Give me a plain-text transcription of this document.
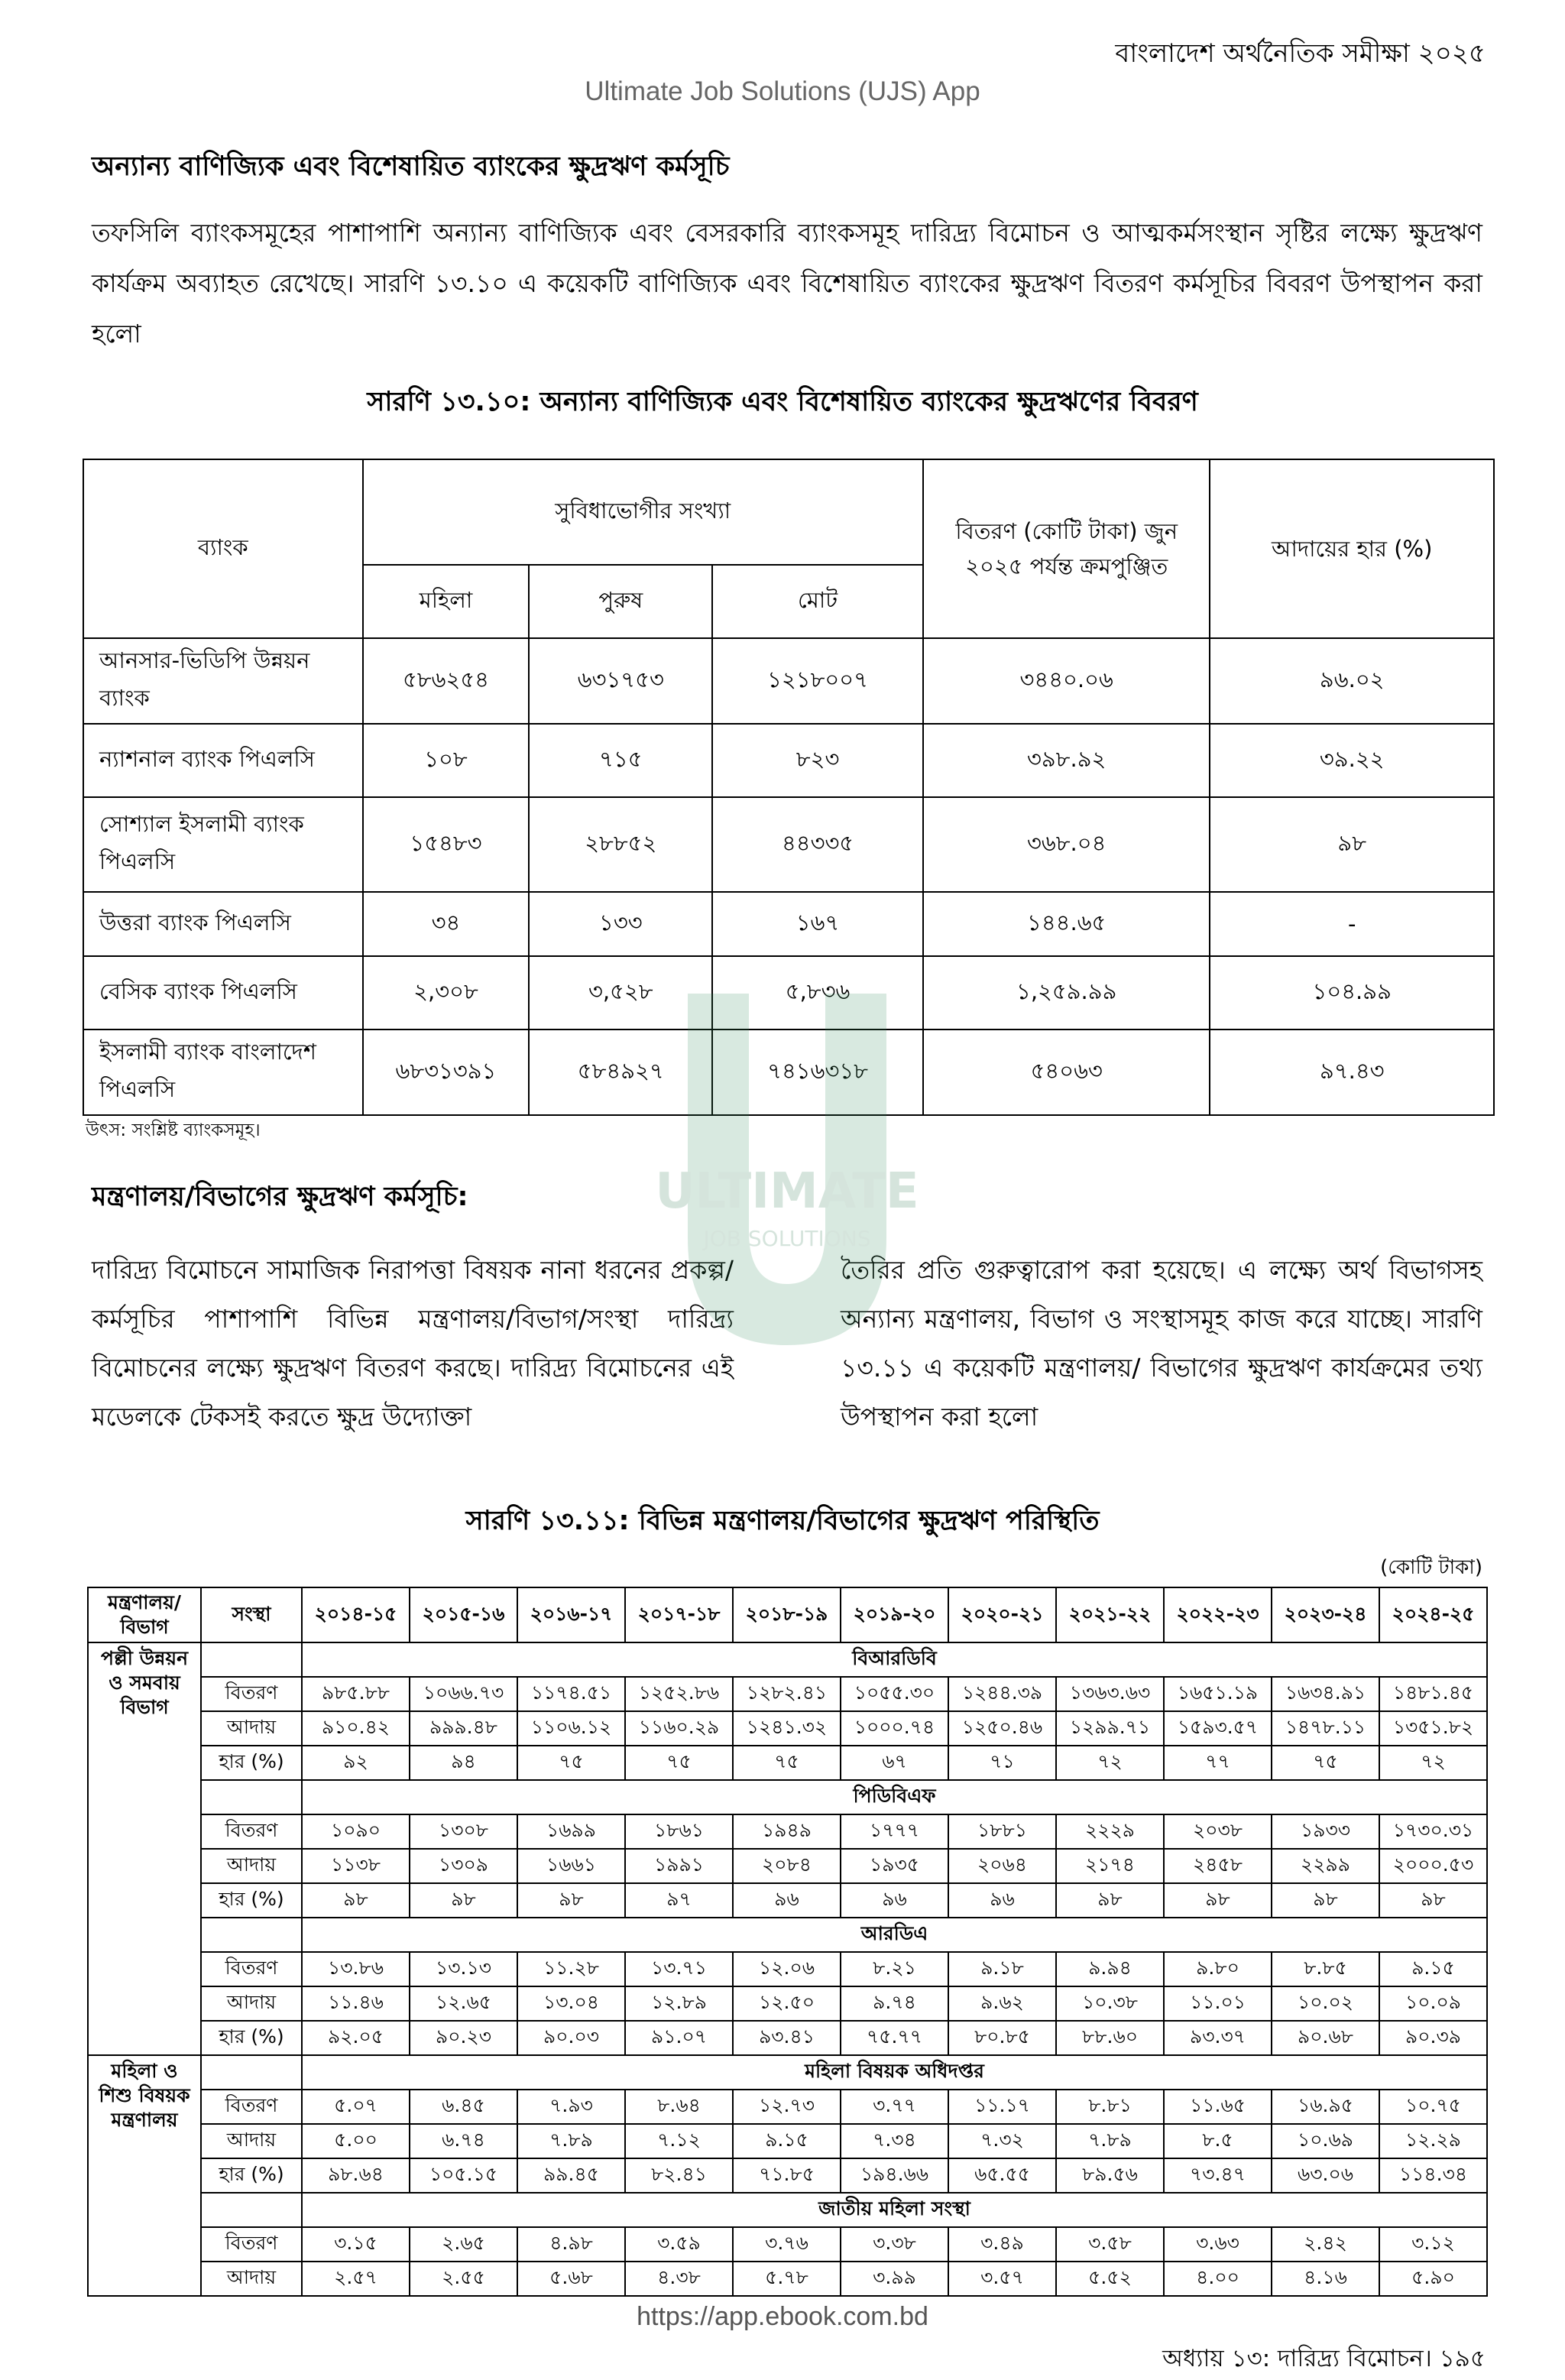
বাংলাদেশ অর্থনৈতিক সমীক্ষা ২০২৫
Ultimate Job Solutions (UJS) App
অন্যান্য বাণিজ্যিক এবং বিশেষায়িত ব্যাংকের ক্ষুদ্রঋণ কর্মসূচি
তফসিলি ব্যাংকসমূহের পাশাপাশি অন্যান্য বাণিজ্যিক এবং বেসরকারি ব্যাংকসমূহ দারিদ্র্য বিমোচন ও আত্মকর্মসংস্থান সৃষ্টির লক্ষ্যে ক্ষুদ্রঋণ কার্যক্রম অব্যাহত রেখেছে। সারণি ১৩.১০ এ কয়েকটি বাণিজ্যিক এবং বিশেষায়িত ব্যাংকের ক্ষুদ্রঋণ বিতরণ কর্মসূচির বিবরণ উপস্থাপন করা হলো
সারণি ১৩.১০: অন্যান্য বাণিজ্যিক এবং বিশেষায়িত ব্যাংকের ক্ষুদ্রঋণের বিবরণ
ব্যাংক	সুবিধাভোগীর সংখ্যা			বিতরণ (কোটি টাকা) জুন ২০২৫ পর্যন্ত ক্রমপুঞ্জিত	আদায়ের হার (%)
	মহিলা	পুরুষ	মোট		
আনসার-ভিডিপি উন্নয়ন ব্যাংক	৫৮৬২৫৪	৬৩১৭৫৩	১২১৮০০৭	৩৪৪০.০৬	৯৬.০২
ন্যাশনাল ব্যাংক পিএলসি	১০৮	৭১৫	৮২৩	৩৯৮.৯২	৩৯.২২
সোশ্যাল ইসলামী ব্যাংক পিএলসি	১৫৪৮৩	২৮৮৫২	৪৪৩৩৫	৩৬৮.০৪	৯৮
উত্তরা ব্যাংক পিএলসি	৩৪	১৩৩	১৬৭	১৪৪.৬৫	-
বেসিক ব্যাংক পিএলসি	২,৩০৮	৩,৫২৮	৫,৮৩৬	১,২৫৯.৯৯	১০৪.৯৯
ইসলামী ব্যাংক বাংলাদেশ পিএলসি	৬৮৩১৩৯১	৫৮৪৯২৭	৭৪১৬৩১৮	৫৪০৬৩	৯৭.৪৩
উৎস: সংশ্লিষ্ট ব্যাংকসমূহ।
মন্ত্রণালয়/বিভাগের ক্ষুদ্রঋণ কর্মসূচি:
দারিদ্র্য বিমোচনে সামাজিক নিরাপত্তা বিষয়ক নানা ধরনের প্রকল্প/কর্মসূচির পাশাপাশি বিভিন্ন মন্ত্রণালয়/বিভাগ/সংস্থা দারিদ্র্য বিমোচনের লক্ষ্যে ক্ষুদ্রঋণ বিতরণ করছে। দারিদ্র্য বিমোচনের এই মডেলকে টেকসই করতে ক্ষুদ্র উদ্যোক্তা
তৈরির প্রতি গুরুত্বারোপ করা হয়েছে। এ লক্ষ্যে অর্থ বিভাগসহ অন্যান্য মন্ত্রণালয়, বিভাগ ও সংস্থাসমূহ কাজ করে যাচ্ছে। সারণি ১৩.১১ এ কয়েকটি মন্ত্রণালয়/ বিভাগের ক্ষুদ্রঋণ কার্যক্রমের তথ্য উপস্থাপন করা হলো
সারণি ১৩.১১: বিভিন্ন মন্ত্রণালয়/বিভাগের ক্ষুদ্রঋণ পরিস্থিতি
(কোটি টাকা)
মন্ত্রণালয়/ বিভাগ	সংস্থা	২০১৪-১৫	২০১৫-১৬	২০১৬-১৭	২০১৭-১৮	২০১৮-১৯	২০১৯-২০	২০২০-২১	২০২১-২২	২০২২-২৩	২০২৩-২৪	২০২৪-২৫
পল্লী উন্নয়ন ও সমবায় বিভাগ		বিআরডিবি										
	বিতরণ	৯৮৫.৮৮	১০৬৬.৭৩	১১৭৪.৫১	১২৫২.৮৬	১২৮২.৪১	১০৫৫.৩০	১২৪৪.৩৯	১৩৬৩.৬৩	১৬৫১.১৯	১৬৩৪.৯১	১৪৮১.৪৫
	আদায়	৯১০.৪২	৯৯৯.৪৮	১১০৬.১২	১১৬০.২৯	১২৪১.৩২	১০০০.৭৪	১২৫০.৪৬	১২৯৯.৭১	১৫৯৩.৫৭	১৪৭৮.১১	১৩৫১.৮২
	হার (%)	৯২	৯৪	৭৫	৭৫	৭৫	৬৭	৭১	৭২	৭৭	৭৫	৭২
		পিডিবিএফ										
	বিতরণ	১০৯০	১৩০৮	১৬৯৯	১৮৬১	১৯৪৯	১৭৭৭	১৮৮১	২২২৯	২০৩৮	১৯৩৩	১৭৩০.৩১
	আদায়	১১৩৮	১৩০৯	১৬৬১	১৯৯১	২০৮৪	১৯৩৫	২০৬৪	২১৭৪	২৪৫৮	২২৯৯	২০০০.৫৩
	হার (%)	৯৮	৯৮	৯৮	৯৭	৯৬	৯৬	৯৬	৯৮	৯৮	৯৮	৯৮
		আরডিএ										
	বিতরণ	১৩.৮৬	১৩.১৩	১১.২৮	১৩.৭১	১২.০৬	৮.২১	৯.১৮	৯.৯৪	৯.৮০	৮.৮৫	৯.১৫
	আদায়	১১.৪৬	১২.৬৫	১৩.০৪	১২.৮৯	১২.৫০	৯.৭৪	৯.৬২	১০.৩৮	১১.০১	১০.০২	১০.০৯
	হার (%)	৯২.০৫	৯০.২৩	৯০.০৩	৯১.০৭	৯৩.৪১	৭৫.৭৭	৮০.৮৫	৮৮.৬০	৯৩.৩৭	৯০.৬৮	৯০.৩৯
মহিলা ও শিশু বিষয়ক মন্ত্রণালয়		মহিলা বিষয়ক অধিদপ্তর										
	বিতরণ	৫.০৭	৬.৪৫	৭.৯৩	৮.৬৪	১২.৭৩	৩.৭৭	১১.১৭	৮.৮১	১১.৬৫	১৬.৯৫	১০.৭৫
	আদায়	৫.০০	৬.৭৪	৭.৮৯	৭.১২	৯.১৫	৭.৩৪	৭.৩২	৭.৮৯	৮.৫	১০.৬৯	১২.২৯
	হার (%)	৯৮.৬৪	১০৫.১৫	৯৯.৪৫	৮২.৪১	৭১.৮৫	১৯৪.৬৬	৬৫.৫৫	৮৯.৫৬	৭৩.৪৭	৬৩.০৬	১১৪.৩৪
		জাতীয় মহিলা সংস্থা										
	বিতরণ	৩.১৫	২.৬৫	৪.৯৮	৩.৫৯	৩.৭৬	৩.৩৮	৩.৪৯	৩.৫৮	৩.৬৩	২.৪২	৩.১২
	আদায়	২.৫৭	২.৫৫	৫.৬৮	৪.৩৮	৫.৭৮	৩.৯৯	৩.৫৭	৫.৫২	৪.০০	৪.১৬	৫.৯০
ULTIMATE
JOB SOLUTIONS
https://app.ebook.com.bd
অধ্যায় ১৩: দারিদ্র্য বিমোচন। ১৯৫
